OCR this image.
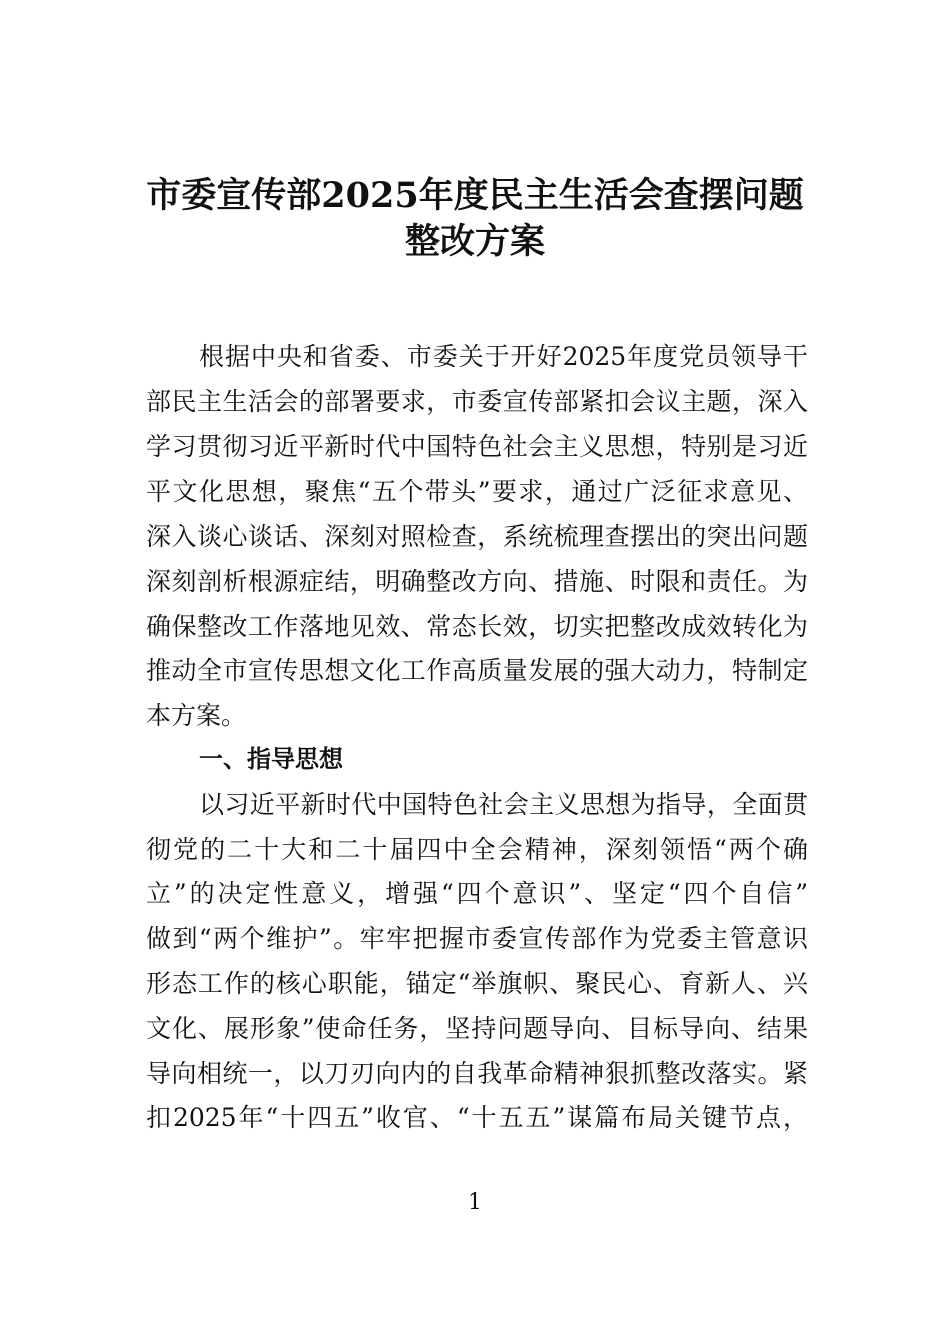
市委宣传部2025年度民主生活会查摆问题
整改方案
根据中央和省委、市委关于开好2025年度党员领导干
部民主生活会的部署要求，市委宣传部紧扣会议主题，深入
学习贯彻习近平新时代中国特色社会主义思想，特别是习近
平文化思想，聚焦“五个带头”要求，通过广泛征求意见、
深入谈心谈话、深刻对照检查，系统梳理查摆出的突出问题
深刻剖析根源症结，明确整改方向、措施、时限和责任。为
确保整改工作落地见效、常态长效，切实把整改成效转化为
推动全市宣传思想文化工作高质量发展的强大动力，特制定
本方案。
一、指导思想
以习近平新时代中国特色社会主义思想为指导，全面贯
彻党的二十大和二十届四中全会精神，深刻领悟“两个确
立”的决定性意义，增强“四个意识”、坚定“四个自信”
做到“两个维护”。牢牢把握市委宣传部作为党委主管意识
形态工作的核心职能，锚定“举旗帜、聚民心、育新人、兴
文化、展形象”使命任务，坚持问题导向、目标导向、结果
导向相统一，以刀刃向内的自我革命精神狠抓整改落实。紧
扣2025年“十四五”收官、“十五五”谋篇布局关键节点，
1
